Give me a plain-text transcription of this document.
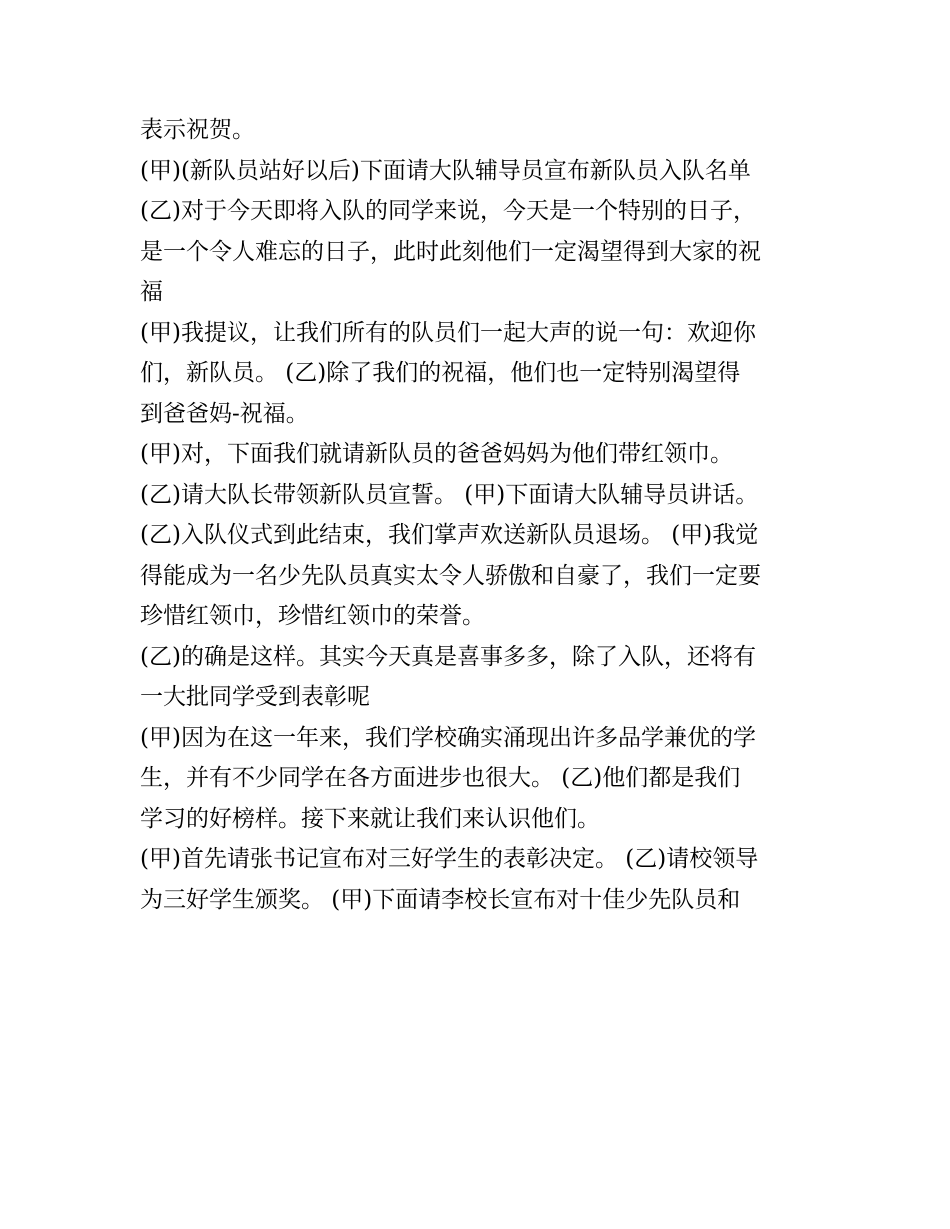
表示祝贺。
(甲)(新队员站好以后)下面请大队辅导员宣布新队员入队名单
(乙)对于今天即将入队的同学来说，今天是一个特别的日子，
是一个令人难忘的日子，此时此刻他们一定渴望得到大家的祝
福
(甲)我提议，让我们所有的队员们一起大声的说一句：欢迎你
们，新队员。 (乙)除了我们的祝福，他们也一定特别渴望得
到爸爸妈-祝福。
(甲)对，下面我们就请新队员的爸爸妈妈为他们带红领巾。
(乙)请大队长带领新队员宣誓。 (甲)下面请大队辅导员讲话。
(乙)入队仪式到此结束，我们掌声欢送新队员退场。 (甲)我觉
得能成为一名少先队员真实太令人骄傲和自豪了，我们一定要
珍惜红领巾，珍惜红领巾的荣誉。
(乙)的确是这样。其实今天真是喜事多多，除了入队，还将有
一大批同学受到表彰呢
(甲)因为在这一年来，我们学校确实涌现出许多品学兼优的学
生，并有不少同学在各方面进步也很大。 (乙)他们都是我们
学习的好榜样。接下来就让我们来认识他们。
(甲)首先请张书记宣布对三好学生的表彰决定。 (乙)请校领导
为三好学生颁奖。 (甲)下面请李校长宣布对十佳少先队员和
